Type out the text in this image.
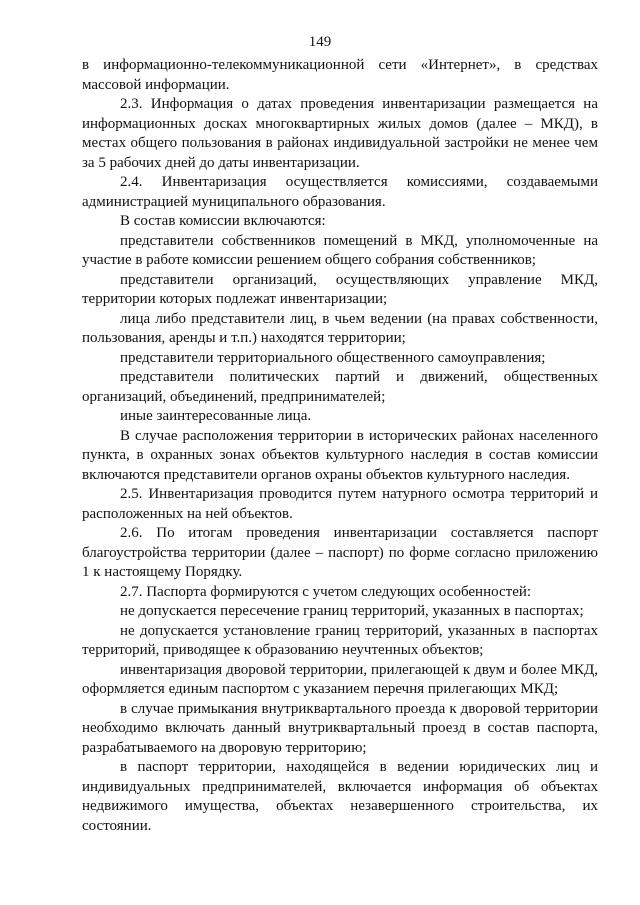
149

в информационно-телекоммуникационной сети «Интернет», в средствах массовой информации.

2.3. Информация о датах проведения инвентаризации размещается на информационных досках многоквартирных жилых домов (далее – МКД), в местах общего пользования в районах индивидуальной застройки не менее чем за 5 рабочих дней до даты инвентаризации.

2.4. Инвентаризация осуществляется комиссиями, создаваемыми администрацией муниципального образования.

В состав комиссии включаются:

представители собственников помещений в МКД, уполномоченные на участие в работе комиссии решением общего собрания собственников;

представители организаций, осуществляющих управление МКД, территории которых подлежат инвентаризации;

лица либо представители лиц, в чьем ведении (на правах собственности, пользования, аренды и т.п.) находятся территории;

представители территориального общественного самоуправления;

представители политических партий и движений, общественных организаций, объединений, предпринимателей;

иные заинтересованные лица.

В случае расположения территории в исторических районах населенного пункта, в охранных зонах объектов культурного наследия в состав комиссии включаются представители органов охраны объектов культурного наследия.

2.5. Инвентаризация проводится путем натурного осмотра территорий и расположенных на ней объектов.

2.6. По итогам проведения инвентаризации составляется паспорт благоустройства территории (далее – паспорт) по форме согласно приложению 1 к настоящему Порядку.

2.7. Паспорта формируются с учетом следующих особенностей:

не допускается пересечение границ территорий, указанных в паспортах;

не допускается установление границ территорий, указанных в паспортах территорий, приводящее к образованию неучтенных объектов;

инвентаризация дворовой территории, прилегающей к двум и более МКД, оформляется единым паспортом с указанием перечня прилегающих МКД;

в случае примыкания внутриквартального проезда к дворовой территории необходимо включать данный внутриквартальный проезд в состав паспорта, разрабатываемого на дворовую территорию;

в паспорт территории, находящейся в ведении юридических лиц и индивидуальных предпринимателей, включается информация об объектах недвижимого имущества, объектах незавершенного строительства, их состоянии.
